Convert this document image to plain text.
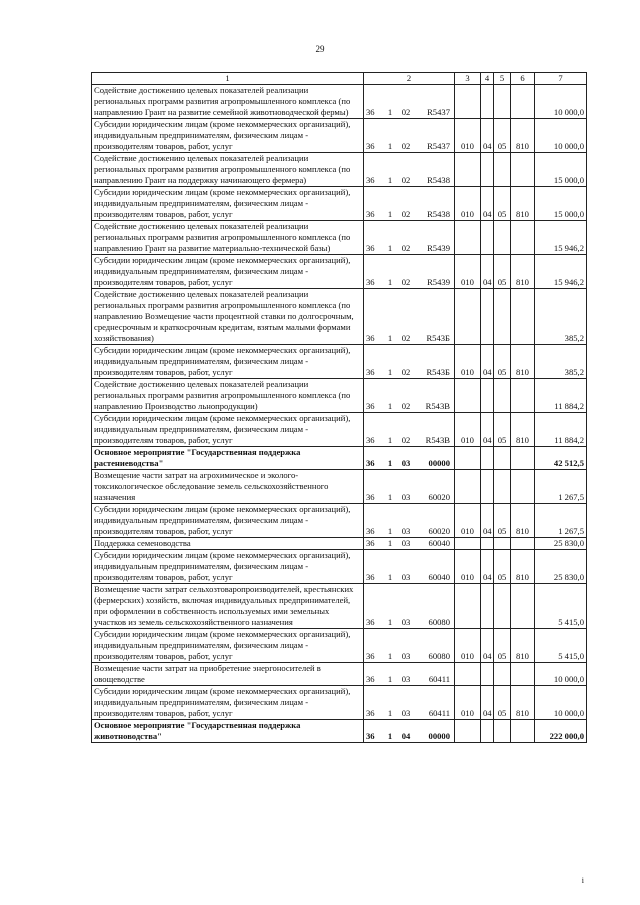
29
1	2	3	4	5	6	7
Содействие достижению целевых показателей реализации региональных программ развития агропромышленного комплекса (по направлению Грант на развитие семейной животноводческой фермы)	36 1 02 R5437					10 000,0
Субсидии юридическим лицам (кроме некоммерческих организаций), индивидуальным предпринимателям, физическим лицам - производителям товаров, работ, услуг	36 1 02 R5437	010	04	05	810	10 000,0
Содействие достижению целевых показателей реализации региональных программ развития агропромышленного комплекса (по направлению Грант на поддержку начинающего фермера)	36 1 02 R5438					15 000,0
Субсидии юридическим лицам (кроме некоммерческих организаций), индивидуальным предпринимателям, физическим лицам - производителям товаров, работ, услуг	36 1 02 R5438	010	04	05	810	15 000,0
Содействие достижению целевых показателей реализации региональных программ развития агропромышленного комплекса (по направлению Грант на развитие материально-технической базы)	36 1 02 R5439					15 946,2
Субсидии юридическим лицам (кроме некоммерческих организаций), индивидуальным предпринимателям, физическим лицам - производителям товаров, работ, услуг	36 1 02 R5439	010	04	05	810	15 946,2
Содействие достижению целевых показателей реализации региональных программ развития агропромышленного комплекса (по направлению Возмещение части процентной ставки по долгосрочным, среднесрочным и краткосрочным кредитам, взятым малыми формами хозяйствования)	36 1 02 R543Б					385,2
Субсидии юридическим лицам (кроме некоммерческих организаций), индивидуальным предпринимателям, физическим лицам - производителям товаров, работ, услуг	36 1 02 R543Б	010	04	05	810	385,2
Содействие достижению целевых показателей реализации региональных программ развития агропромышленного комплекса (по направлению Производство льнопродукции)	36 1 02 R543В					11 884,2
Субсидии юридическим лицам (кроме некоммерческих организаций), индивидуальным предпринимателям, физическим лицам - производителям товаров, работ, услуг	36 1 02 R543В	010	04	05	810	11 884,2
Основное мероприятие "Государственная поддержка растениеводства"	36 1 03 00000					42 512,5
Возмещение части затрат на агрохимическое и эколого-токсикологическое обследование земель сельскохозяйственного назначения	36 1 03 60020					1 267,5
Субсидии юридическим лицам (кроме некоммерческих организаций), индивидуальным предпринимателям, физическим лицам - производителям товаров, работ, услуг	36 1 03 60020	010	04	05	810	1 267,5
Поддержка семеноводства	36 1 03 60040					25 830,0
Субсидии юридическим лицам (кроме некоммерческих организаций), индивидуальным предпринимателям, физическим лицам - производителям товаров, работ, услуг	36 1 03 60040	010	04	05	810	25 830,0
Возмещение части затрат сельхозтоваропроизводителей, крестьянских (фермерских) хозяйств, включая индивидуальных предпринимателей, при оформлении в собственность используемых ими земельных участков из земель сельскохозяйственного назначения	36 1 03 60080					5 415,0
Субсидии юридическим лицам (кроме некоммерческих организаций), индивидуальным предпринимателям, физическим лицам - производителям товаров, работ, услуг	36 1 03 60080	010	04	05	810	5 415,0
Возмещение части затрат на приобретение энергоносителей в овощеводстве	36 1 03 60411					10 000,0
Субсидии юридическим лицам (кроме некоммерческих организаций), индивидуальным предпринимателям, физическим лицам - производителям товаров, работ, услуг	36 1 03 60411	010	04	05	810	10 000,0
Основное мероприятие "Государственная поддержка животноводства"	36 1 04 00000					222 000,0
i
